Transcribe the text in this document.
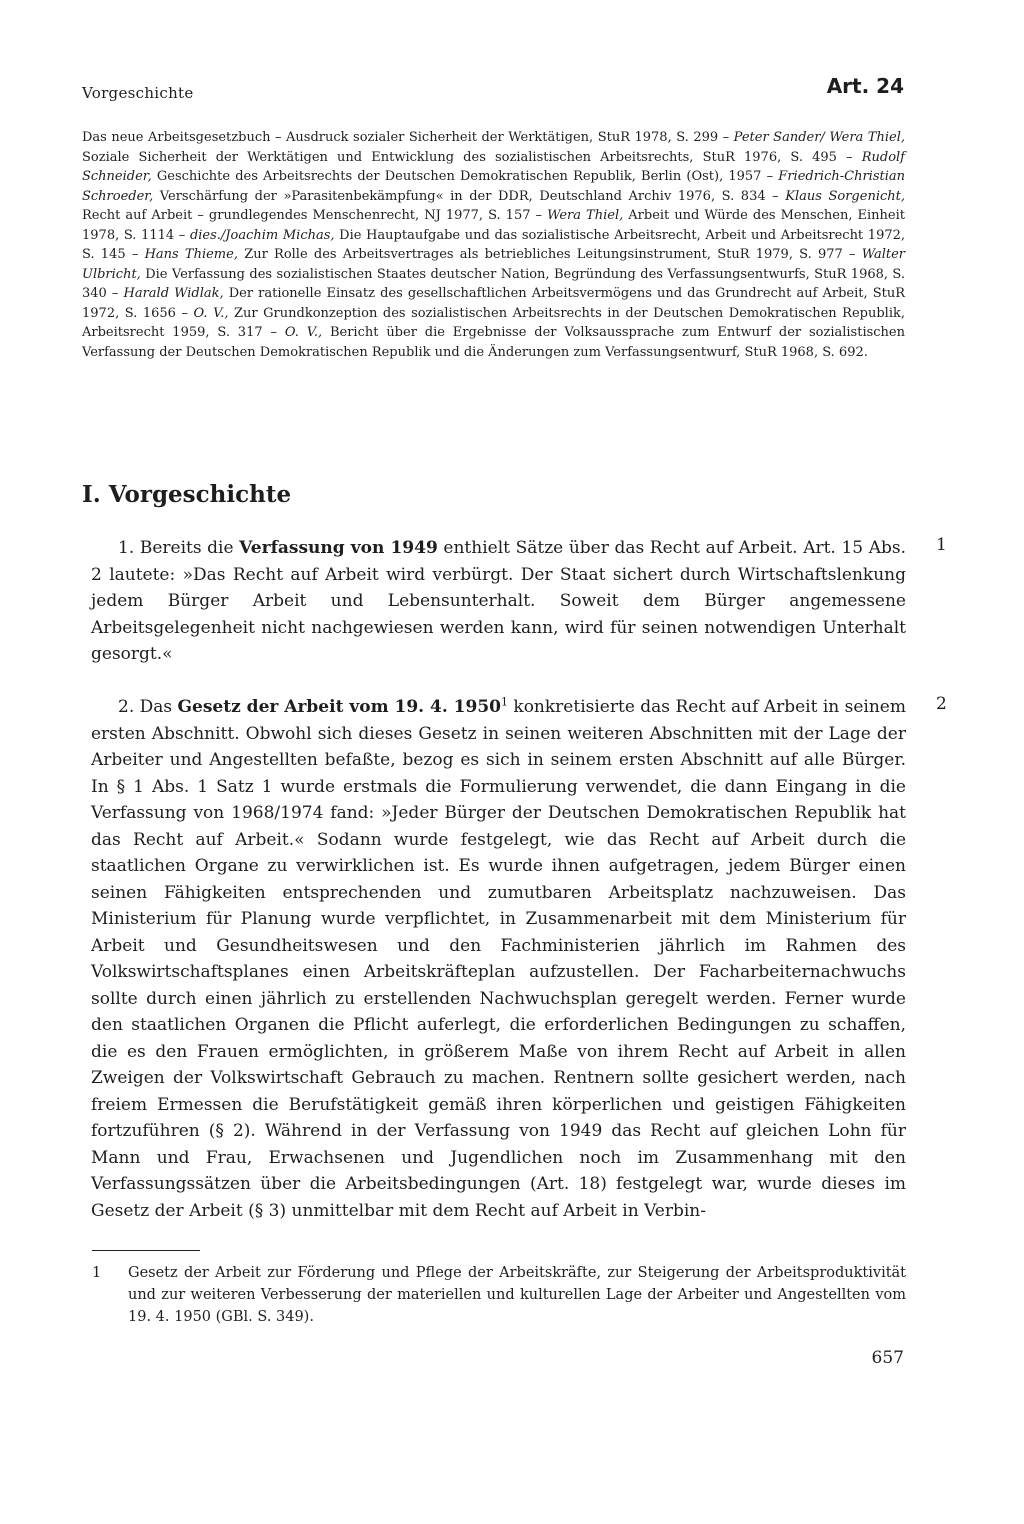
Vorgeschichte	Art. 24

Das neue Arbeitsgesetzbuch – Ausdruck sozialer Sicherheit der Werktätigen, StuR 1978, S. 299 – Peter Sander/ Wera Thiel, Soziale Sicherheit der Werktätigen und Entwicklung des sozialistischen Arbeitsrechts, StuR 1976, S. 495 – Rudolf Schneider, Geschichte des Arbeitsrechts der Deutschen Demokratischen Republik, Berlin (Ost), 1957 – Friedrich-Christian Schroeder, Verschärfung der »Parasitenbekämpfung« in der DDR, Deutschland Archiv 1976, S. 834 – Klaus Sorgenicht, Recht auf Arbeit – grundlegendes Menschenrecht, NJ 1977, S. 157 – Wera Thiel, Arbeit und Würde des Menschen, Einheit 1978, S. 1114 – dies./Joachim Michas, Die Hauptaufgabe und das sozialistische Arbeitsrecht, Arbeit und Arbeitsrecht 1972, S. 145 – Hans Thieme, Zur Rolle des Arbeitsvertrages als betriebliches Leitungsinstrument, StuR 1979, S. 977 – Walter Ulbricht, Die Verfassung des sozialistischen Staates deutscher Nation, Begründung des Verfassungsentwurfs, StuR 1968, S. 340 – Harald Widlak, Der rationelle Einsatz des gesellschaftlichen Arbeitsvermögens und das Grundrecht auf Arbeit, StuR 1972, S. 1656 – O. V., Zur Grundkonzeption des sozialistischen Arbeitsrechts in der Deutschen Demokratischen Republik, Arbeitsrecht 1959, S. 317 – O. V., Bericht über die Ergebnisse der Volksaussprache zum Entwurf der sozialistischen Verfassung der Deutschen Demokratischen Republik und die Änderungen zum Verfassungsentwurf, StuR 1968, S. 692.

I. Vorgeschichte

1. Bereits die Verfassung von 1949 enthielt Sätze über das Recht auf Arbeit. Art. 15 Abs. 2 lautete: »Das Recht auf Arbeit wird verbürgt. Der Staat sichert durch Wirtschaftslenkung jedem Bürger Arbeit und Lebensunterhalt. Soweit dem Bürger angemessene Arbeitsgelegenheit nicht nachgewiesen werden kann, wird für seinen notwendigen Unterhalt gesorgt.«

1

2. Das Gesetz der Arbeit vom 19. 4. 1950$^1$ konkretisierte das Recht auf Arbeit in seinem ersten Abschnitt. Obwohl sich dieses Gesetz in seinen weiteren Abschnitten mit der Lage der Arbeiter und Angestellten befaßte, bezog es sich in seinem ersten Abschnitt auf alle Bürger. In § 1 Abs. 1 Satz 1 wurde erstmals die Formulierung verwendet, die dann Eingang in die Verfassung von 1968/1974 fand: »Jeder Bürger der Deutschen Demokratischen Republik hat das Recht auf Arbeit.« Sodann wurde festgelegt, wie das Recht auf Arbeit durch die staatlichen Organe zu verwirklichen ist. Es wurde ihnen aufgetragen, jedem Bürger einen seinen Fähigkeiten entsprechenden und zumutbaren Arbeitsplatz nachzuweisen. Das Ministerium für Planung wurde verpflichtet, in Zusammenarbeit mit dem Ministerium für Arbeit und Gesundheitswesen und den Fachministerien jährlich im Rahmen des Volkswirtschaftsplanes einen Arbeitskräfteplan aufzustellen. Der Facharbeiternachwuchs sollte durch einen jährlich zu erstellenden Nachwuchsplan geregelt werden. Ferner wurde den staatlichen Organen die Pflicht auferlegt, die erforderlichen Bedingungen zu schaffen, die es den Frauen ermöglichten, in größerem Maße von ihrem Recht auf Arbeit in allen Zweigen der Volkswirtschaft Gebrauch zu machen. Rentnern sollte gesichert werden, nach freiem Ermessen die Berufstätigkeit gemäß ihren körperlichen und geistigen Fähigkeiten fortzuführen (§ 2). Während in der Verfassung von 1949 das Recht auf gleichen Lohn für Mann und Frau, Erwachsenen und Jugendlichen noch im Zusammenhang mit den Verfassungssätzen über die Arbeitsbedingungen (Art. 18) festgelegt war, wurde dieses im Gesetz der Arbeit (§ 3) unmittelbar mit dem Recht auf Arbeit in Verbin-

2

1 Gesetz der Arbeit zur Förderung und Pflege der Arbeitskräfte, zur Steigerung der Arbeitsproduktivität und zur weiteren Verbesserung der materiellen und kulturellen Lage der Arbeiter und Angestellten vom 19. 4. 1950 (GBl. S. 349).

657
